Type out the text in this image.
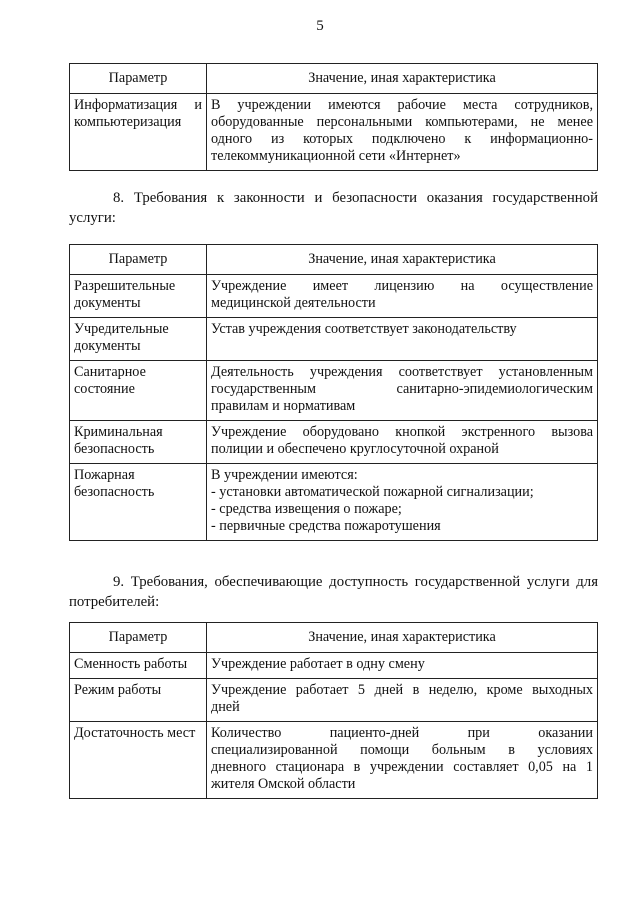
5
Параметр	Значение, иная характеристика

Информатизация и
компьютеризация	В учреждении имеются рабочие места сотрудников,
оборудованные персональными компьютерами, не менее
одного из которых подключено к информационно-
телекоммуникационной сети «Интернет»
8. Требования к законности и безопасности оказания государственной
услуги:
Параметр	Значение, иная характеристика

Разрешительные
документы	Учреждение имеет лицензию на осуществление
медицинской деятельности

Учредительные
документы	Устав учреждения соответствует законодательству

Санитарное
состояние	Деятельность учреждения соответствует установленным
государственным санитарно-эпидемиологическим
правилам и нормативам

Криминальная
безопасность	Учреждение оборудовано кнопкой экстренного вызова
полиции и обеспечено круглосуточной охраной

Пожарная
безопасность	В учреждении имеются:
- установки автоматической пожарной сигнализации;
- средства извещения о пожаре;
- первичные средства пожаротушения
9. Требования, обеспечивающие доступность государственной услуги для
потребителей:
Параметр	Значение, иная характеристика

Сменность работы	Учреждение работает в одну смену

Режим работы	Учреждение работает 5 дней в неделю, кроме выходных
дней

Достаточность мест	Количество пациенто-дней при оказании
специализированной помощи больным в условиях
дневного стационара в учреждении составляет 0,05 на 1
жителя Омской области
